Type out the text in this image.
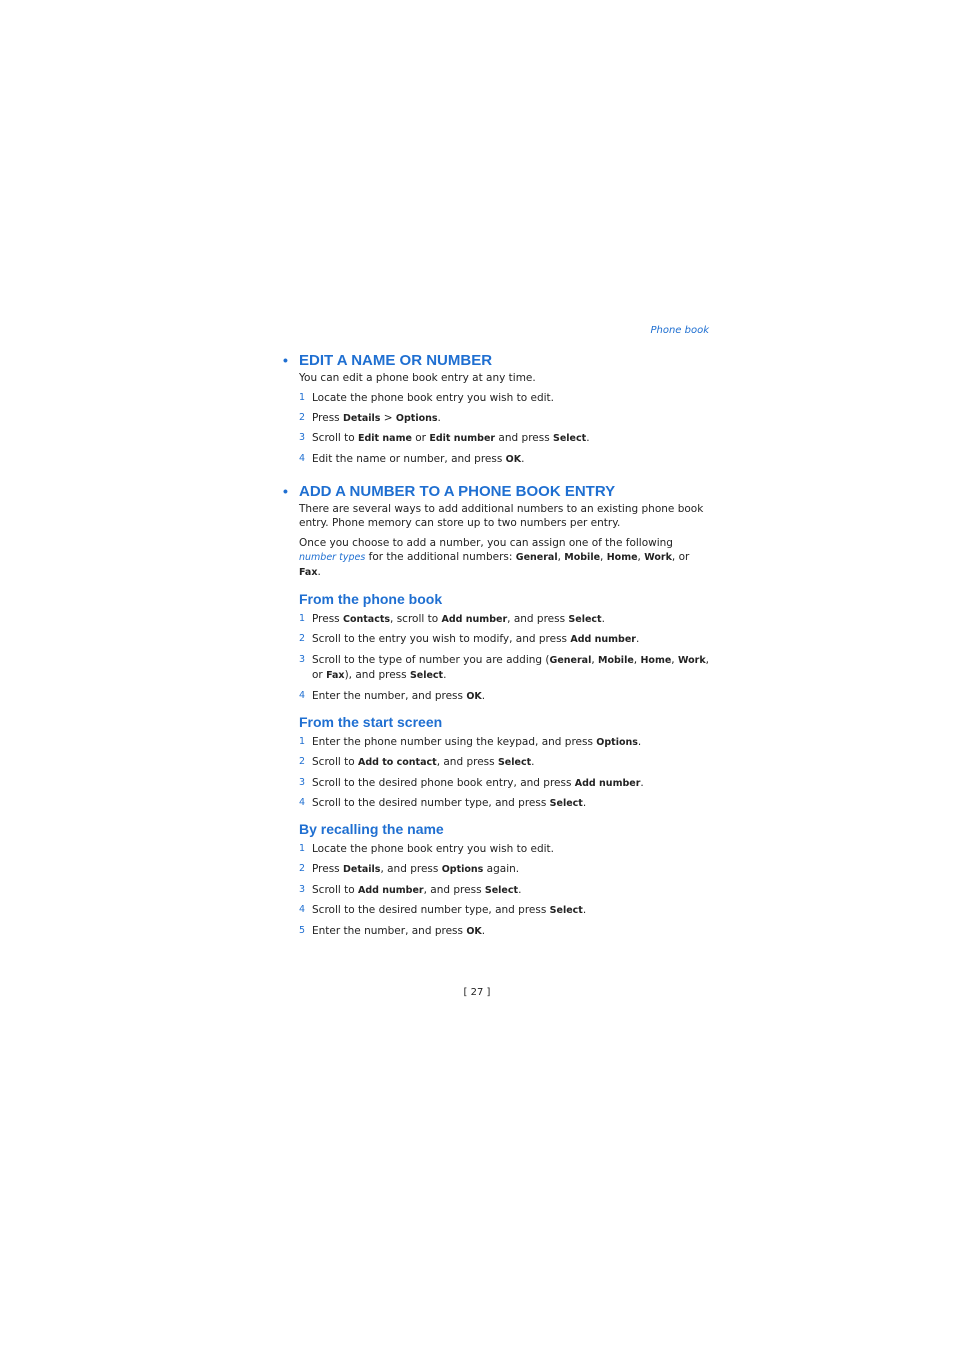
Phone book
• EDIT A NAME OR NUMBER

You can edit a phone book entry at any time.

1 Locate the phone book entry you wish to edit.
2 Press Details > Options.
3 Scroll to Edit name or Edit number and press Select.
4 Edit the name or number, and press OK.
• ADD A NUMBER TO A PHONE BOOK ENTRY

There are several ways to add additional numbers to an existing phone book entry. Phone memory can store up to two numbers per entry.

Once you choose to add a number, you can assign one of the following number types for the additional numbers: General, Mobile, Home, Work, or Fax.

From the phone book
1 Press Contacts, scroll to Add number, and press Select.
2 Scroll to the entry you wish to modify, and press Add number.
3 Scroll to the type of number you are adding (General, Mobile, Home, Work, or Fax), and press Select.
4 Enter the number, and press OK.
From the start screen
1 Enter the phone number using the keypad, and press Options.
2 Scroll to Add to contact, and press Select.
3 Scroll to the desired phone book entry, and press Add number.
4 Scroll to the desired number type, and press Select.
By recalling the name
1 Locate the phone book entry you wish to edit.
2 Press Details, and press Options again.
3 Scroll to Add number, and press Select.
4 Scroll to the desired number type, and press Select.
5 Enter the number, and press OK.
[ 27 ]
